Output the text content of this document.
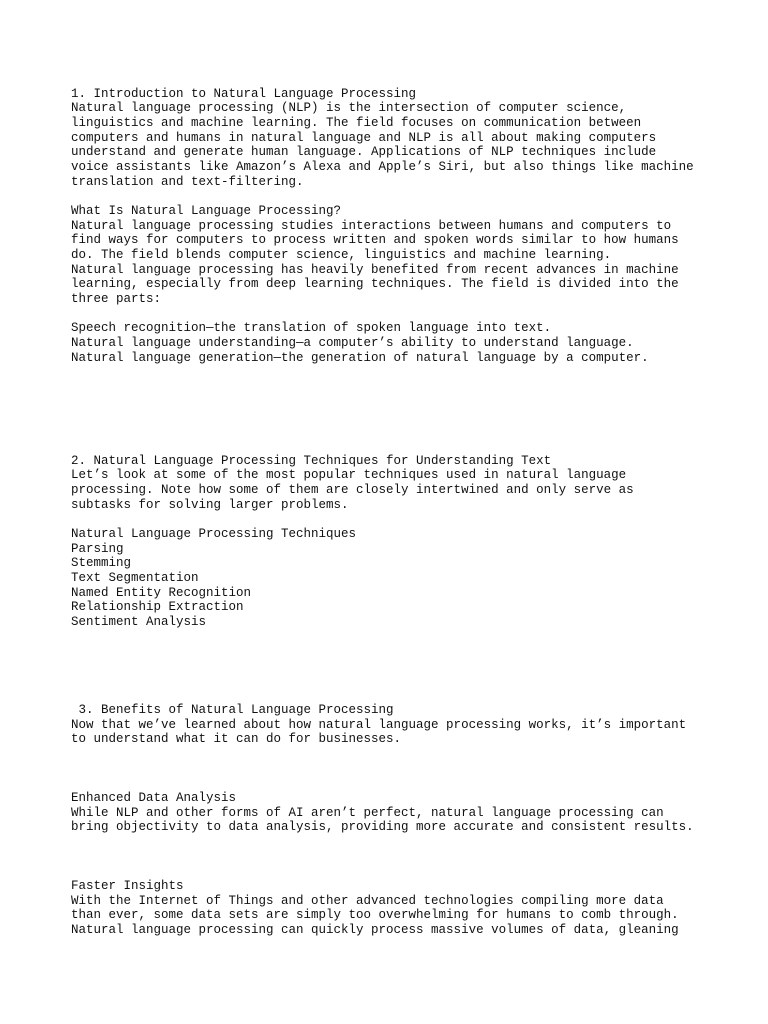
1. Introduction to Natural Language Processing

Natural language processing (NLP) is the intersection of computer science,

linguistics and machine learning. The field focuses on communication between

computers and humans in natural language and NLP is all about making computers

understand and generate human language. Applications of NLP techniques include

voice assistants like Amazon’s Alexa and Apple’s Siri, but also things like machine

translation and text-filtering.

What Is Natural Language Processing?

Natural language processing studies interactions between humans and computers to

find ways for computers to process written and spoken words similar to how humans

do. The field blends computer science, linguistics and machine learning.

Natural language processing has heavily benefited from recent advances in machine

learning, especially from deep learning techniques. The field is divided into the

three parts:

Speech recognition—the translation of spoken language into text.

Natural language understanding—a computer’s ability to understand language.

Natural language generation—the generation of natural language by a computer.

2. Natural Language Processing Techniques for Understanding Text

Let’s look at some of the most popular techniques used in natural language

processing. Note how some of them are closely intertwined and only serve as

subtasks for solving larger problems.

Natural Language Processing Techniques

Parsing

Stemming

Text Segmentation

Named Entity Recognition

Relationship Extraction

Sentiment Analysis

3. Benefits of Natural Language Processing

Now that we’ve learned about how natural language processing works, it’s important

to understand what it can do for businesses.

Enhanced Data Analysis

While NLP and other forms of AI aren’t perfect, natural language processing can

bring objectivity to data analysis, providing more accurate and consistent results.

Faster Insights

With the Internet of Things and other advanced technologies compiling more data

than ever, some data sets are simply too overwhelming for humans to comb through.

Natural language processing can quickly process massive volumes of data, gleaning
